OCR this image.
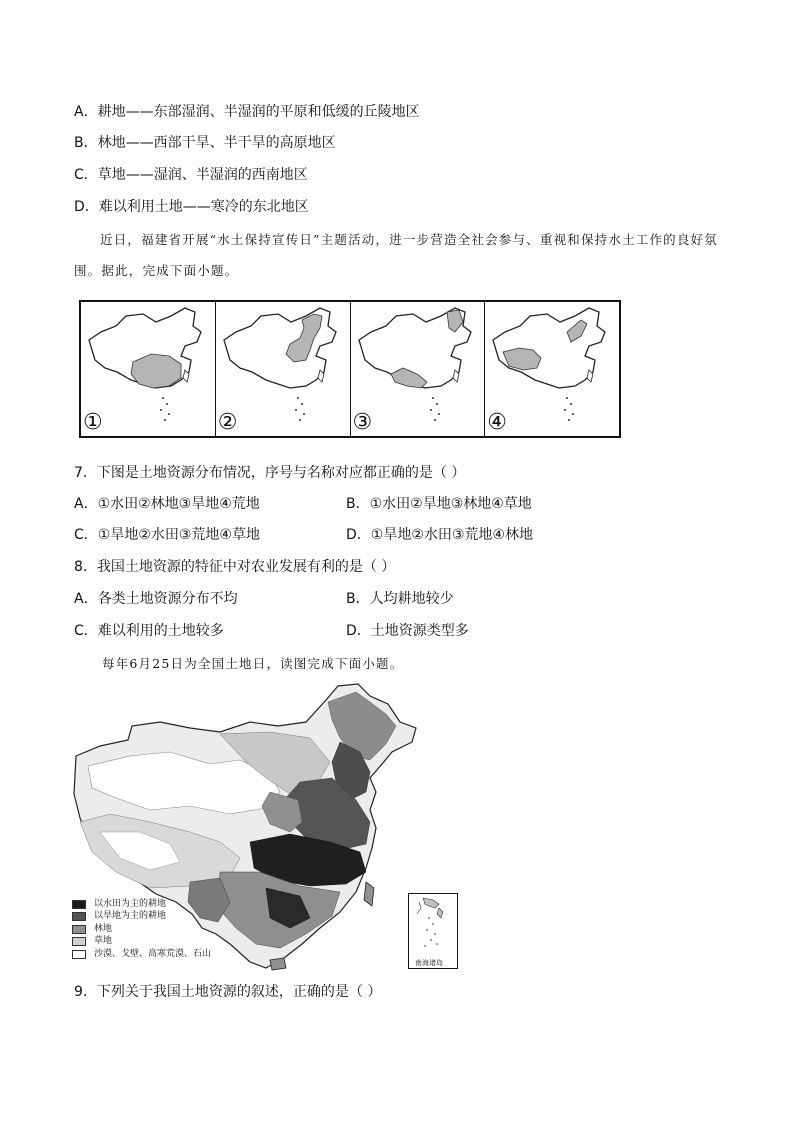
A．耕地——东部湿润、半湿润的平原和低缓的丘陵地区
B．林地——西部干旱、半干旱的高原地区
C．草地——湿润、半湿润的西南地区
D．难以利用土地——寒冷的东北地区
近日，福建省开展“水土保持宣传日”主题活动，进一步营造全社会参与、重视和保持水土工作的良好氛
围。据此，完成下面小题。
①	②	③	④
7．下图是土地资源分布情况，序号与名称对应都正确的是（ ）
A．①水田②林地③旱地④荒地	B．①水田②旱地③林地④草地
C．①旱地②水田③荒地④草地	D．①旱地②水田③荒地④林地
8．我国土地资源的特征中对农业发展有利的是（ ）
A．各类土地资源分布不均	B．人均耕地较少
C．难以利用的土地较多	D．土地资源类型多
每年6月25日为全国土地日，读图完成下面小题。
以水田为主的耕地
以旱地为主的耕地
林地
草地
沙漠、戈壁、高寒荒漠、石山
南海诸岛
9．下列关于我国土地资源的叙述，正确的是（ ）
